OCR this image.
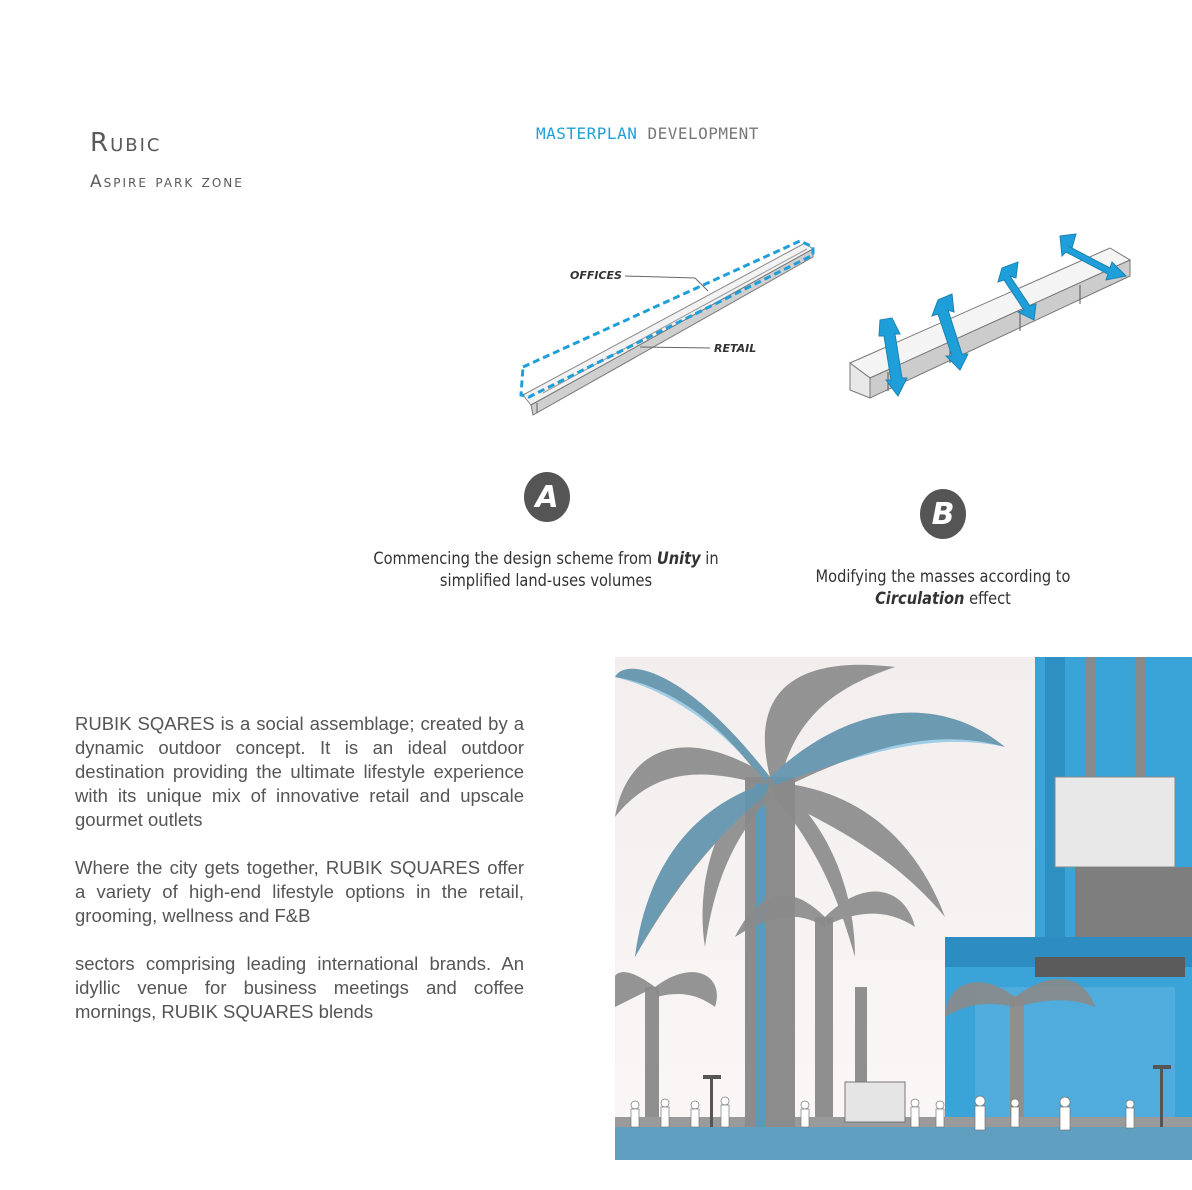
Rubic
Aspire park zone
MASTERPLAN DEVELOPMENT
OFFICES
RETAIL
A	B
Commencing the design scheme from Unity in simplified land-uses volumes	Modifying the masses according to Circulation effect

RUBIK SQARES is a social assemblage; created by a dynamic outdoor concept. It is an ideal outdoor destination providing the ultimate lifestyle experience with its unique mix of innovative retail and upscale gourmet outlets

Where the city gets together, RUBIK SQUARES offer a variety of high-end lifestyle options in the retail, grooming, wellness and F&B

sectors comprising leading international brands. An idyllic venue for business meetings and coffee mornings, RUBIK SQUARES blends
